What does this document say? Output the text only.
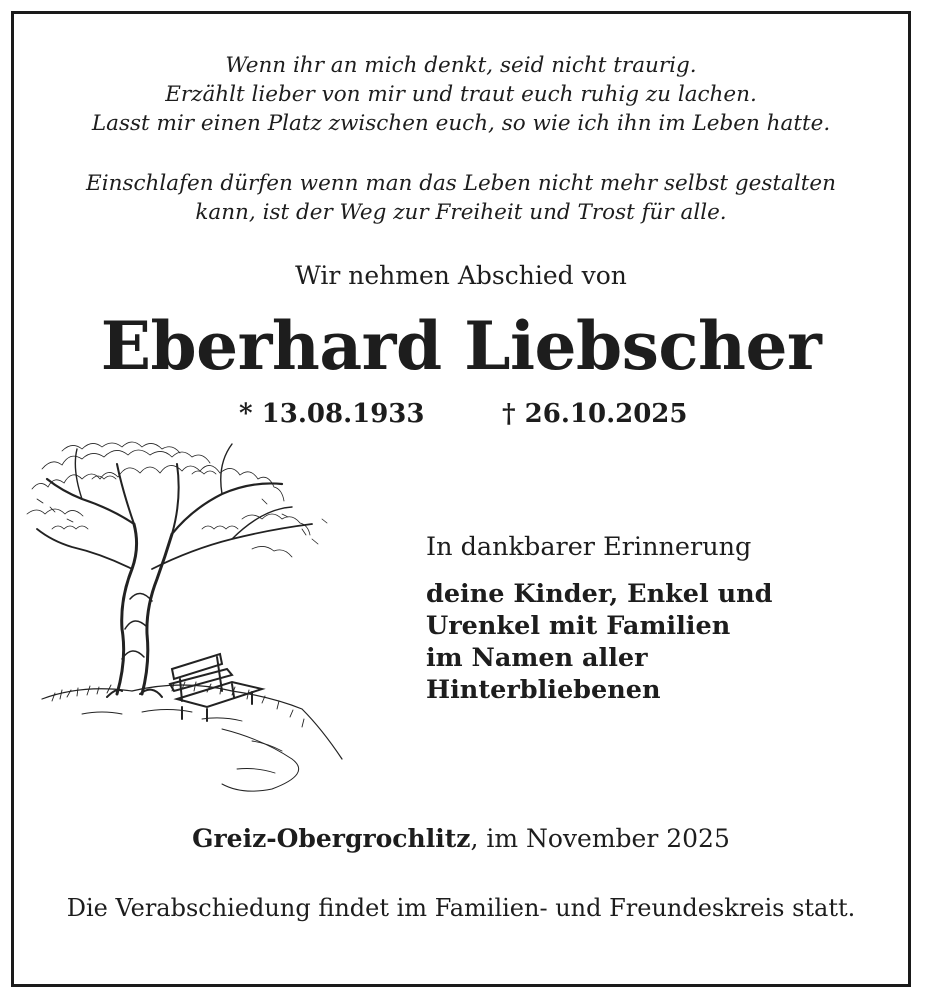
Wenn ihr an mich denkt, seid nicht traurig.
Erzählt lieber von mir und traut euch ruhig zu lachen.
Lasst mir einen Platz zwischen euch, so wie ich ihn im Leben hatte.
Einschlafen dürfen wenn man das Leben nicht mehr selbst gestalten
kann, ist der Weg zur Freiheit und Trost für alle.
Wir nehmen Abschied von
Eberhard Liebscher
* 13.08.1933	† 26.10.2025
In dankbarer Erinnerung
deine Kinder, Enkel und
Urenkel mit Familien
im Namen aller
Hinterbliebenen
Greiz-Obergrochlitz, im November 2025
Die Verabschiedung findet im Familien- und Freundeskreis statt.
